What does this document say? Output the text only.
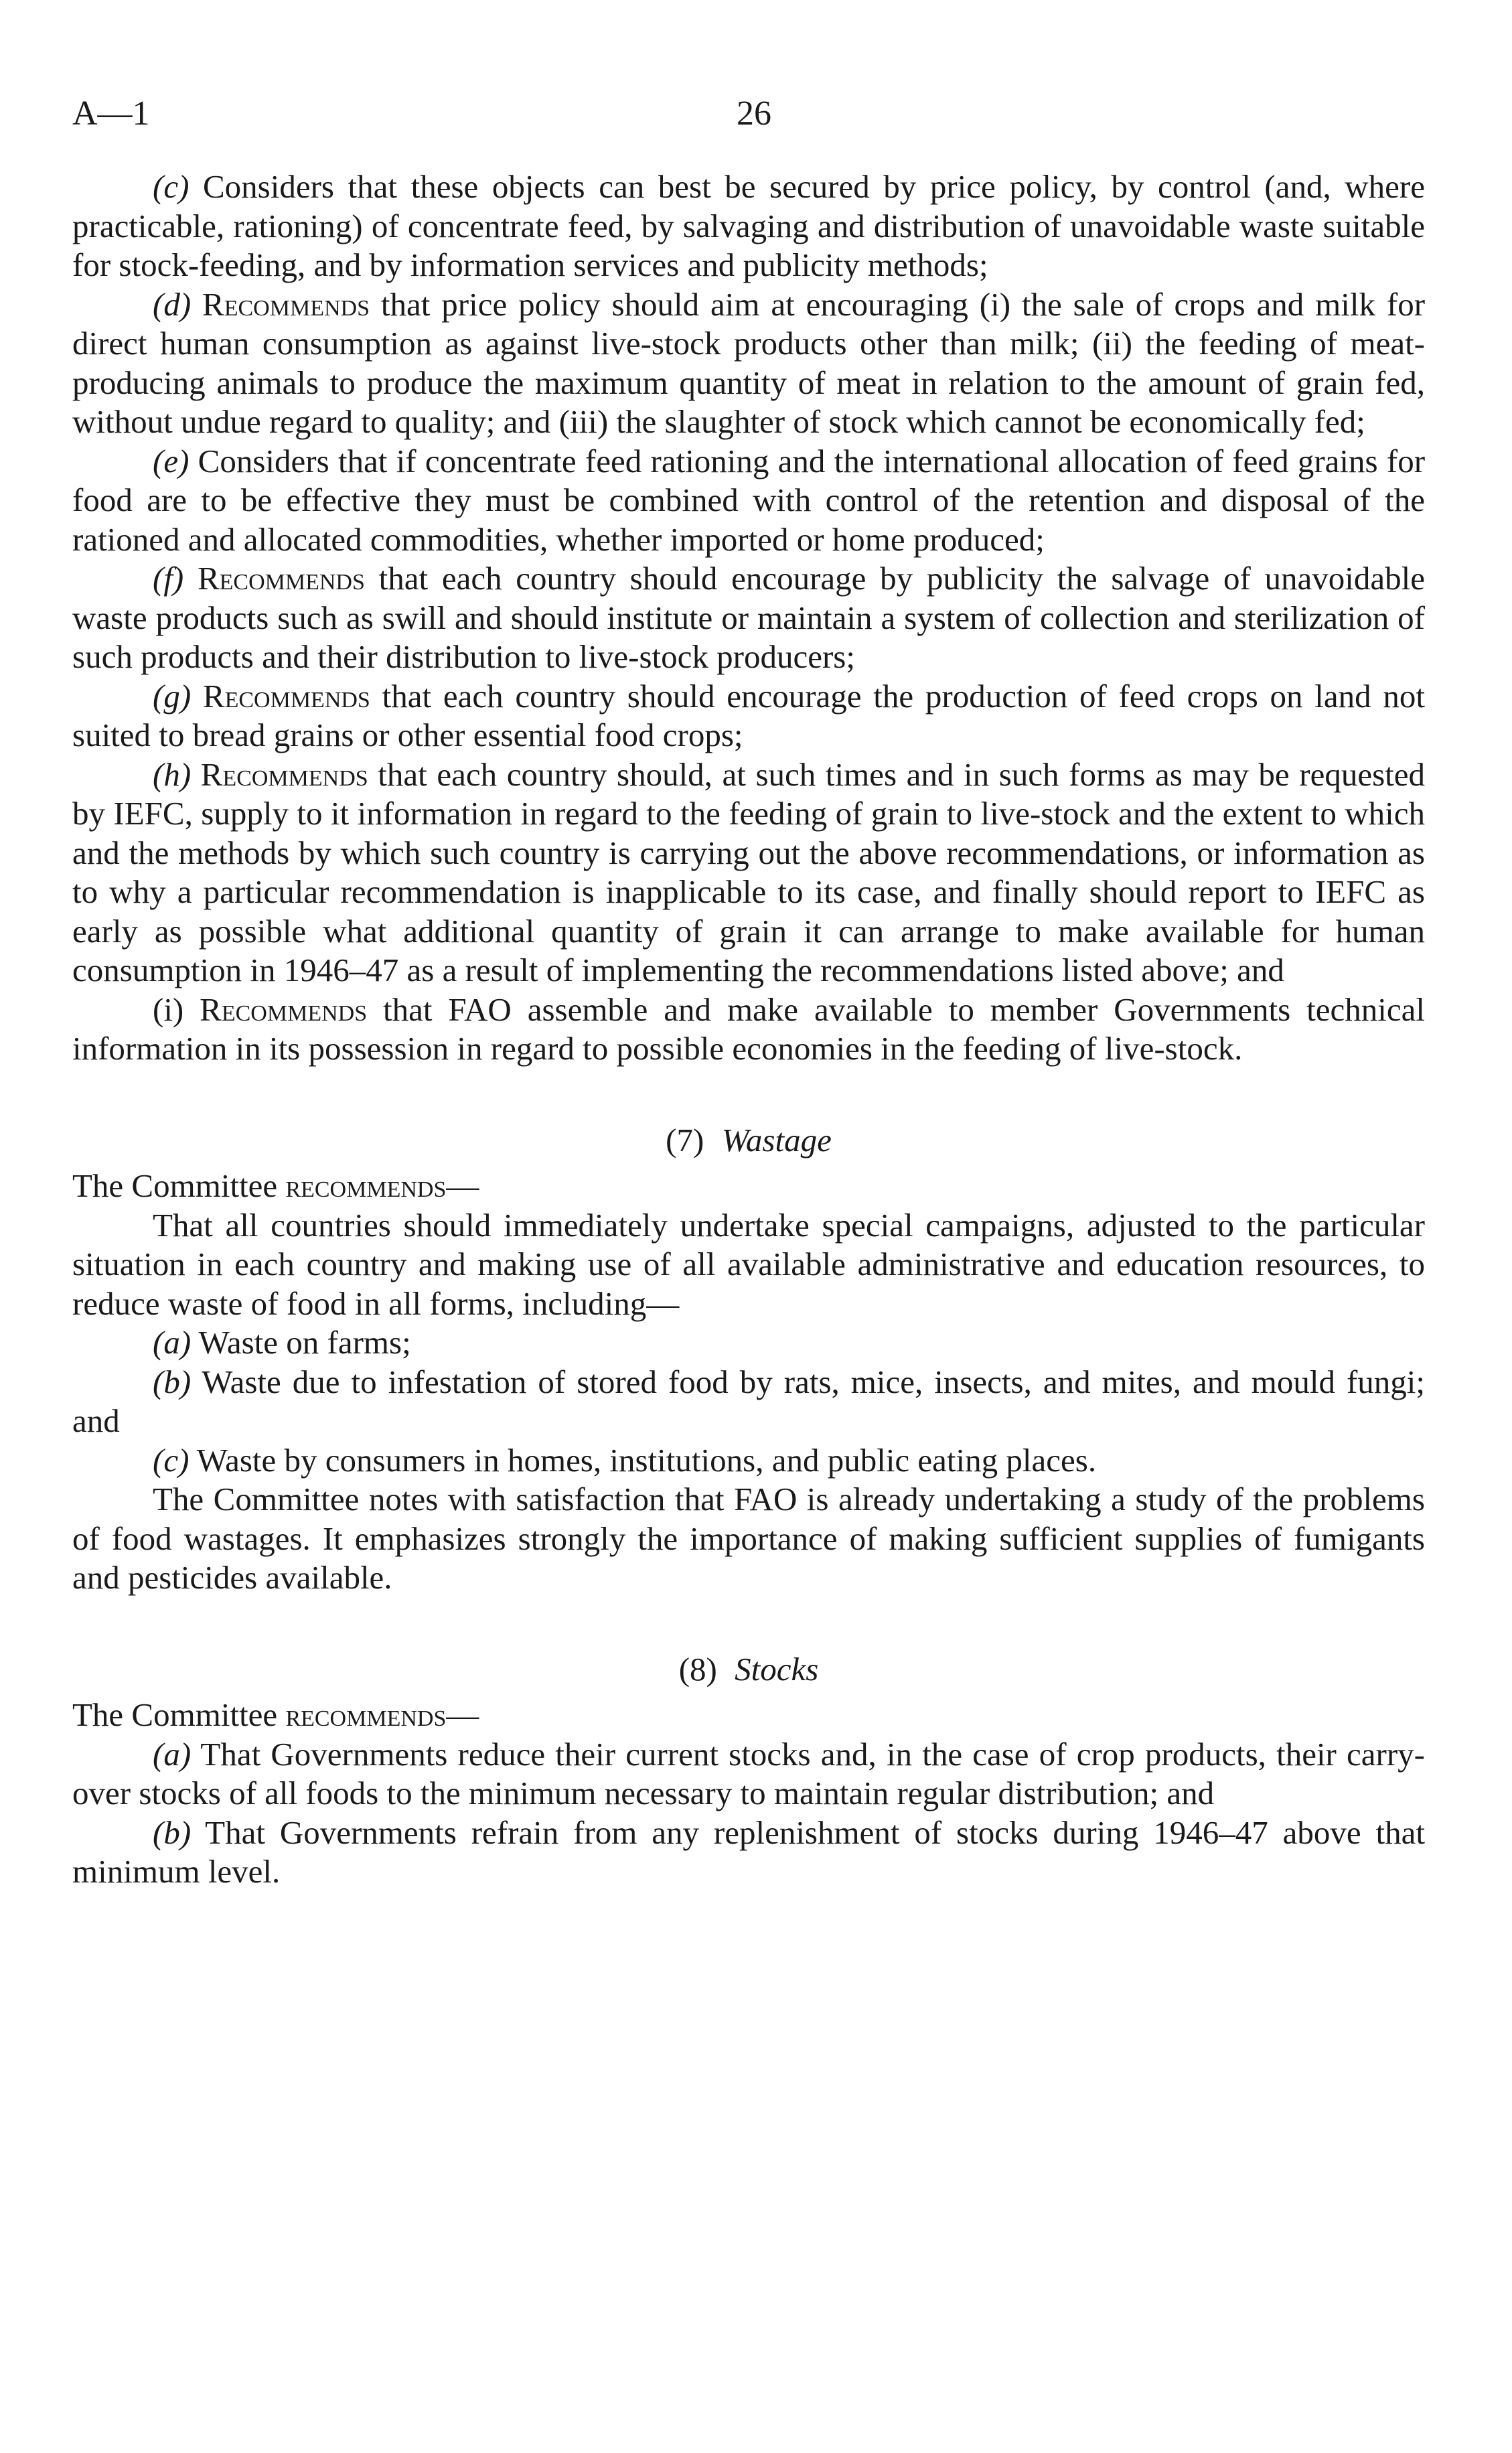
A—1	26

(c) Considers that these objects can best be secured by price policy, by control (and, where practicable, rationing) of concentrate feed, by salvaging and distribution of unavoidable waste suitable for stock-feeding, and by information services and publicity methods;

(d) Recommends that price policy should aim at encouraging (i) the sale of crops and milk for direct human consumption as against live-stock products other than milk; (ii) the feeding of meat-producing animals to produce the maximum quantity of meat in relation to the amount of grain fed, without undue regard to quality; and (iii) the slaughter of stock which cannot be economically fed;

(e) Considers that if concentrate feed rationing and the international allocation of feed grains for food are to be effective they must be combined with control of the retention and disposal of the rationed and allocated commodities, whether imported or home produced;

(f) Recommends that each country should encourage by publicity the salvage of unavoidable waste products such as swill and should institute or maintain a system of collection and sterilization of such products and their distribution to live-stock producers;

(g) Recommends that each country should encourage the production of feed crops on land not suited to bread grains or other essential food crops;

(h) Recommends that each country should, at such times and in such forms as may be requested by IEFC, supply to it information in regard to the feeding of grain to live-stock and the extent to which and the methods by which such country is carrying out the above recommendations, or information as to why a particular recommendation is inapplicable to its case, and finally should report to IEFC as early as possible what additional quantity of grain it can arrange to make available for human consumption in 1946–47 as a result of implementing the recommendations listed above; and

(i) Recommends that FAO assemble and make available to member Governments technical information in its possession in regard to possible economies in the feeding of live-stock.

(7) Wastage
The Committee recommends—

That all countries should immediately undertake special campaigns, adjusted to the particular situation in each country and making use of all available administrative and education resources, to reduce waste of food in all forms, including—

(a) Waste on farms;

(b) Waste due to infestation of stored food by rats, mice, insects, and mites, and mould fungi; and

(c) Waste by consumers in homes, institutions, and public eating places.

The Committee notes with satisfaction that FAO is already undertaking a study of the problems of food wastages. It emphasizes strongly the importance of making sufficient supplies of fumigants and pesticides available.

(8) Stocks
The Committee recommends—

(a) That Governments reduce their current stocks and, in the case of crop products, their carry-over stocks of all foods to the minimum necessary to maintain regular distribution; and

(b) That Governments refrain from any replenishment of stocks during 1946–47 above that minimum level.
